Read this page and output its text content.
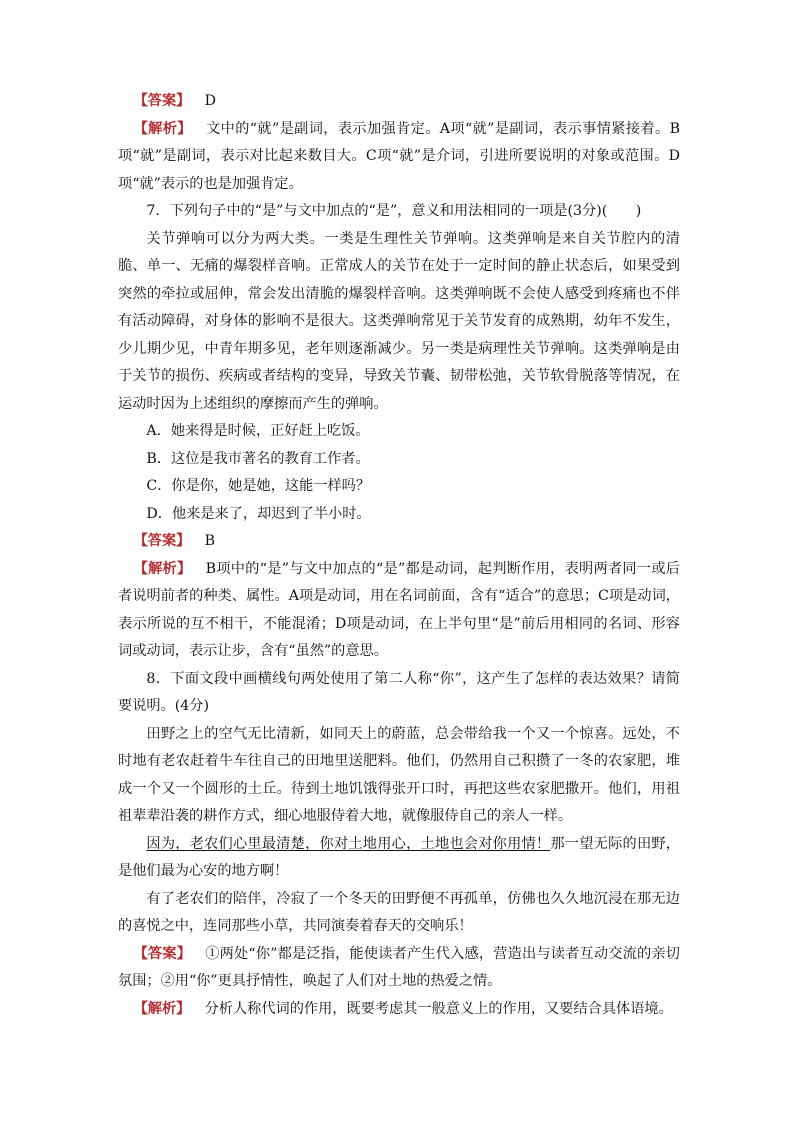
【答案】 D

【解析】 文中的“就”是副词，表示加强肯定。A项“就”是副词，表示事情紧接着。B项“就”是副词，表示对比起来数目大。C项“就”是介词，引进所要说明的对象或范围。D项“就”表示的也是加强肯定。

7．下列句子中的“是”与文中加点的“是”，意义和用法相同的一项是(3分)(　　)

关节弹响可以分为两大类。一类是生理性关节弹响。这类弹响是来自关节腔内的清脆、单一、无痛的爆裂样音响。正常成人的关节在处于一定时间的静止状态后，如果受到突然的牵拉或屈伸，常会发出清脆的爆裂样音响。这类弹响既不会使人感受到疼痛也不伴有活动障碍，对身体的影响不是很大。这类弹响常见于关节发育的成熟期，幼年不发生，少儿期少见，中青年期多见，老年则逐渐减少。另一类是病理性关节弹响。这类弹响是由于关节的损伤、疾病或者结构的变异，导致关节囊、韧带松弛，关节软骨脱落等情况，在运动时因为上述组织的摩擦而产生的弹响。

A．她来得是时候，正好赶上吃饭。

B．这位是我市著名的教育工作者。

C．你是你，她是她，这能一样吗？

D．他来是来了，却迟到了半小时。

【答案】 B

【解析】 B项中的“是”与文中加点的“是”都是动词，起判断作用，表明两者同一或后者说明前者的种类、属性。A项是动词，用在名词前面，含有“适合”的意思；C项是动词，表示所说的互不相干，不能混淆；D项是动词，在上半句里“是”前后用相同的名词、形容词或动词，表示让步，含有“虽然”的意思。

8．下面文段中画横线句两处使用了第二人称“你”，这产生了怎样的表达效果？请简要说明。(4分)

田野之上的空气无比清新，如同天上的蔚蓝，总会带给我一个又一个惊喜。远处，不时地有老农赶着牛车往自己的田地里送肥料。他们，仍然用自己积攒了一冬的农家肥，堆成一个又一个圆形的土丘。待到土地饥饿得张开口时，再把这些农家肥撒开。他们，用祖祖辈辈沿袭的耕作方式，细心地服侍着大地，就像服侍自己的亲人一样。

因为，老农们心里最清楚，你对土地用心，土地也会对你用情！那一望无际的田野，是他们最为心安的地方啊！

有了老农们的陪伴，冷寂了一个冬天的田野便不再孤单，仿佛也久久地沉浸在那无边的喜悦之中，连同那些小草，共同演奏着春天的交响乐！

【答案】 ①两处“你”都是泛指，能使读者产生代入感，营造出与读者互动交流的亲切氛围；②用“你”更具抒情性，唤起了人们对土地的热爱之情。

【解析】 分析人称代词的作用，既要考虑其一般意义上的作用，又要结合具体语境。
